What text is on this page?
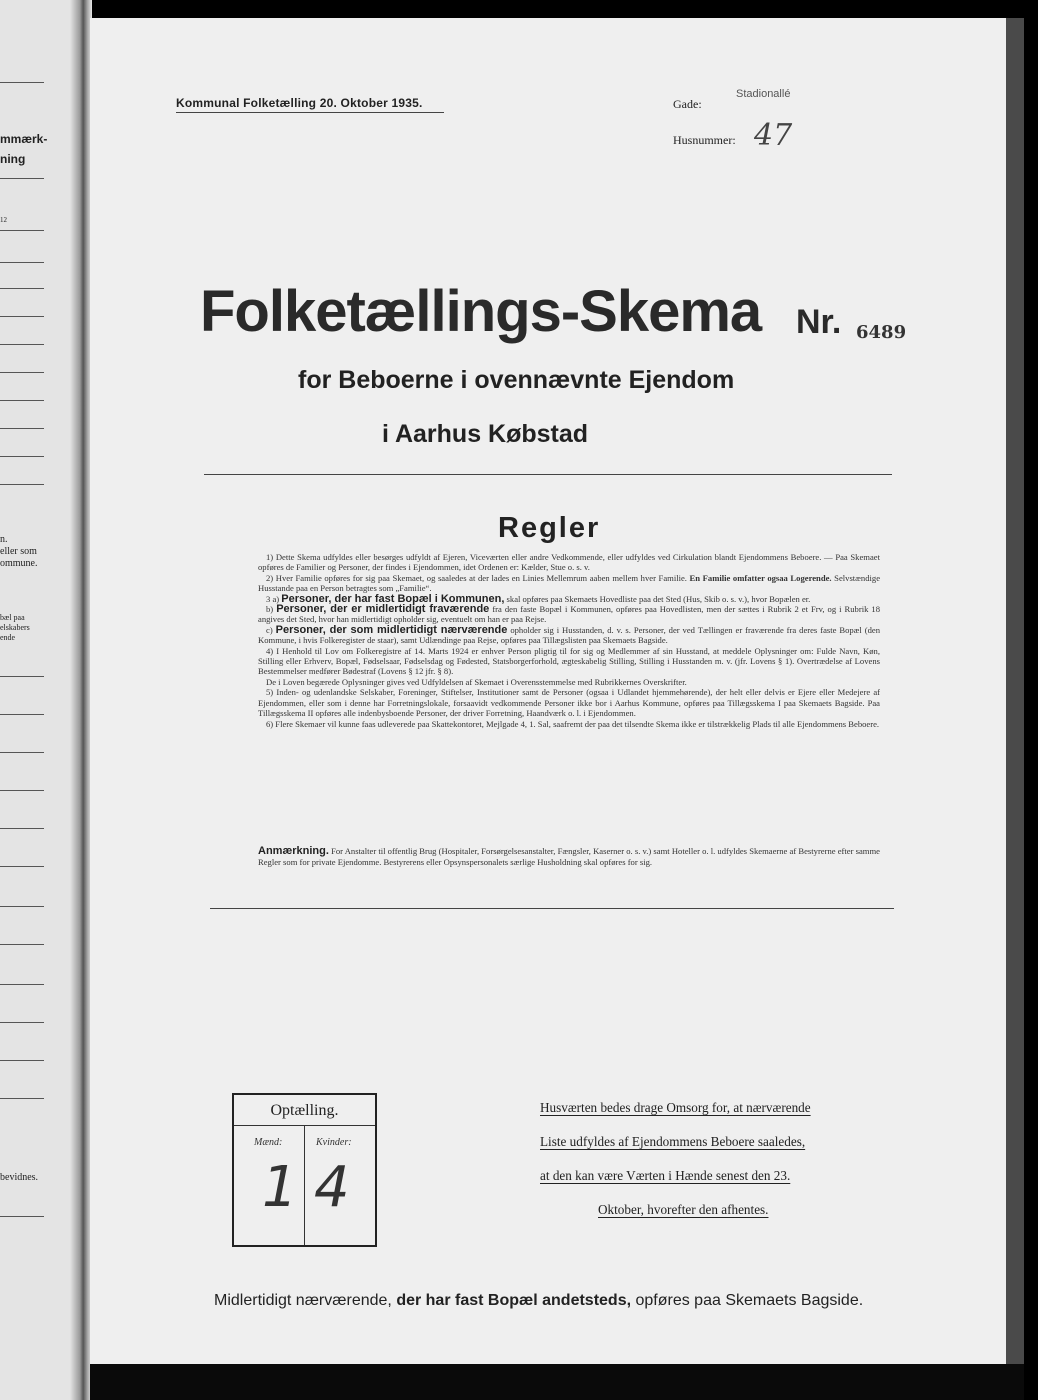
mmærk-
ning
12
n.
eller som
ommune.
bæl paa
elskabers
ende
bevidnes.
Kommunal Folketælling 20. Oktober 1935.	Gade:
Stadionallé
Husnummer: 47
Folketællings-Skema Nr. 6489
for Beboerne i ovennævnte Ejendom
i Aarhus Købstad
Regler

1) Dette Skema udfyldes eller besørges udfyldt af Ejeren, Viceværten eller andre Vedkommende, eller udfyldes ved Cirkulation blandt Ejendommens Beboere. — Paa Skemaet opføres de Familier og Personer, der findes i Ejendommen, idet Ordenen er: Kælder, Stue o. s. v.

2) Hver Familie opføres for sig paa Skemaet, og saaledes at der lades en Linies Mellemrum aaben mellem hver Familie. En Familie omfatter ogsaa Logerende. Selvstændige Husstande paa en Person betragtes som „Familie“.

3 a) Personer, der har fast Bopæl i Kommunen, skal opføres paa Skemaets Hovedliste paa det Sted (Hus, Skib o. s. v.), hvor Bopælen er.

b) Personer, der er midlertidigt fraværende fra den faste Bopæl i Kommunen, opføres paa Hovedlisten, men der sættes i Rubrik 2 et Frv, og i Rubrik 18 angives det Sted, hvor han midlertidigt opholder sig, eventuelt om han er paa Rejse.

c) Personer, der som midlertidigt nærværende opholder sig i Husstanden, d. v. s. Personer, der ved Tællingen er fraværende fra deres faste Bopæl (den Kommune, i hvis Folkeregister de staar), samt Udlændinge paa Rejse, opføres paa Tillægslisten paa Skemaets Bagside.

4) I Henhold til Lov om Folkeregistre af 14. Marts 1924 er enhver Person pligtig til for sig og Medlemmer af sin Husstand, at meddele Oplysninger om: Fulde Navn, Køn, Stilling eller Erhverv, Bopæl, Fødselsaar, Fødselsdag og Fødested, Statsborgerforhold, ægteskabelig Stilling, Stilling i Husstanden m. v. (jfr. Lovens § 1). Overtrædelse af Lovens Bestemmelser medfører Bødestraf (Lovens § 12 jfr. § 8).

De i Loven begærede Oplysninger gives ved Udfyldelsen af Skemaet i Overensstemmelse med Rubrikkernes Overskrifter.

5) Inden- og udenlandske Selskaber, Foreninger, Stiftelser, Institutioner samt de Personer (ogsaa i Udlandet hjemmehørende), der helt eller delvis er Ejere eller Medejere af Ejendommen, eller som i denne har Forretningslokale, forsaavidt vedkommende Personer ikke bor i Aarhus Kommune, opføres paa Tillægsskema I paa Skemaets Bagside. Paa Tillægsskema II opføres alle indenbysboende Personer, der driver Forretning, Haandværk o. l. i Ejendommen.

6) Flere Skemaer vil kunne faas udleverede paa Skattekontoret, Mejlgade 4, 1. Sal, saafremt der paa det tilsendte Skema ikke er tilstrækkelig Plads til alle Ejendommens Beboere.

Anmærkning. For Anstalter til offentlig Brug (Hospitaler, Forsørgelsesanstalter, Fængsler, Kaserner o. s. v.) samt Hoteller o. l. udfyldes Skemaerne af Bestyrerne efter samme Regler som for private Ejendomme. Bestyrerens eller Opsynspersonalets særlige Husholdning skal opføres for sig.
Optælling.
Mænd:	Kvinder:
1 4
Husværten bedes drage Omsorg for, at nærværende
Liste udfyldes af Ejendommens Beboere saaledes,
at den kan være Værten i Hænde senest den 23.
Oktober, hvorefter den afhentes.
Midlertidigt nærværende, der har fast Bopæl andetsteds, opføres paa Skemaets Bagside.
